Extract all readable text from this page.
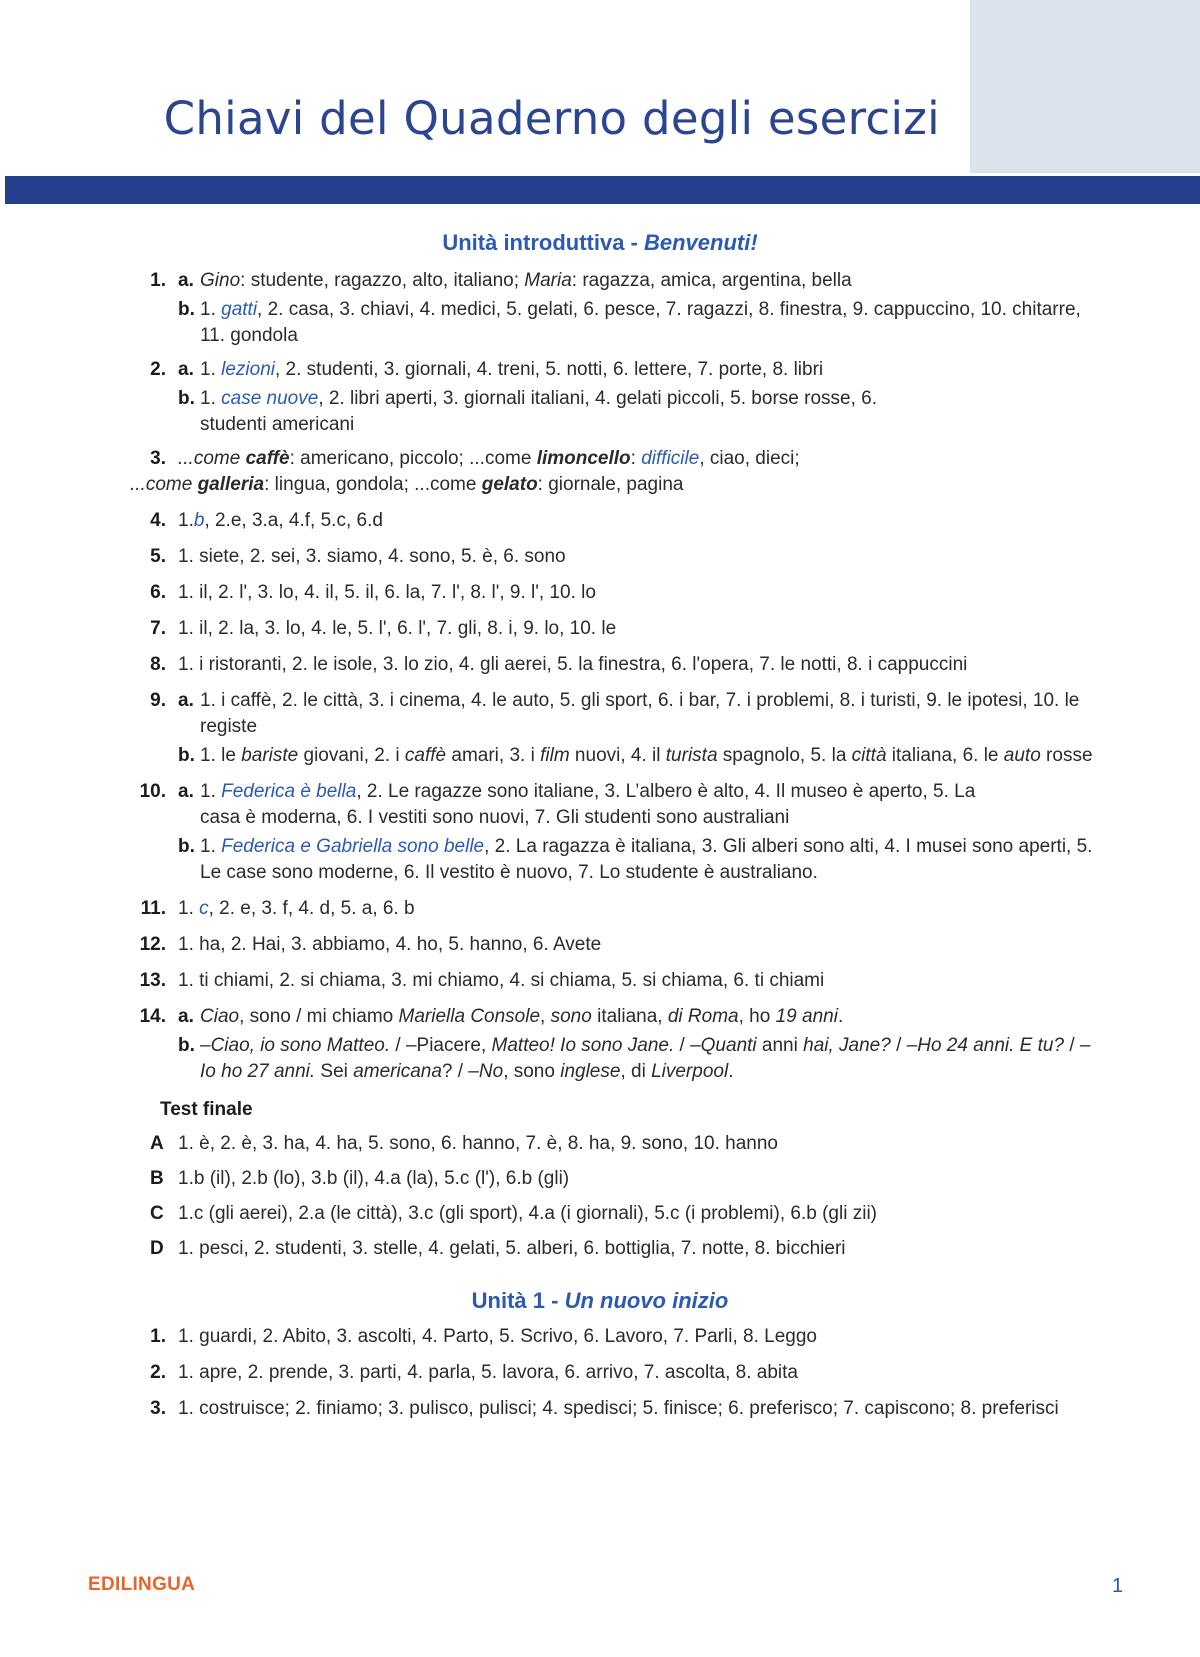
Chiavi del Quaderno degli esercizi
Unità introduttiva - Benvenuti!
1. a. Gino: studente, ragazzo, alto, italiano; Maria: ragazza, amica, argentina, bella
b. 1. gatti, 2. casa, 3. chiavi, 4. medici, 5. gelati, 6. pesce, 7. ragazzi, 8. finestra, 9. cappuccino, 10. chitarre, 11. gondola
2. a. 1. lezioni, 2. studenti, 3. giornali, 4. treni, 5. notti, 6. lettere, 7. porte, 8. libri
b. 1. case nuove, 2. libri aperti, 3. giornali italiani, 4. gelati piccoli, 5. borse rosse, 6. studenti americani
3. ...come caffè: americano, piccolo; ...come limoncello: difficile, ciao, dieci;
...come galleria: lingua, gondola; ...come gelato: giornale, pagina
4. 1.b, 2.e, 3.a, 4.f, 5.c, 6.d
5. 1. siete, 2. sei, 3. siamo, 4. sono, 5. è, 6. sono
6. 1. il, 2. l', 3. lo, 4. il, 5. il, 6. la, 7. l', 8. l', 9. l', 10. lo
7. 1. il, 2. la, 3. lo, 4. le, 5. l', 6. l', 7. gli, 8. i, 9. lo, 10. le
8. 1. i ristoranti, 2. le isole, 3. lo zio, 4. gli aerei, 5. la finestra, 6. l'opera, 7. le notti, 8. i cappuccini
9. a. 1. i caffè, 2. le città, 3. i cinema, 4. le auto, 5. gli sport, 6. i bar, 7. i problemi, 8. i turisti, 9. le ipotesi, 10. le registe
b. 1. le bariste giovani, 2. i caffè amari, 3. i film nuovi, 4. il turista spagnolo, 5. la città italiana, 6. le auto rosse
10. a. 1. Federica è bella, 2. Le ragazze sono italiane, 3. L’albero è alto, 4. Il museo è aperto, 5. La casa è moderna, 6. I vestiti sono nuovi, 7. Gli studenti sono australiani
b. 1. Federica e Gabriella sono belle, 2. La ragazza è italiana, 3. Gli alberi sono alti, 4. I musei sono aperti, 5. Le case sono moderne, 6. Il vestito è nuovo, 7. Lo studente è australiano.
11. 1. c, 2. e, 3. f, 4. d, 5. a, 6. b
12. 1. ha, 2. Hai, 3. abbiamo, 4. ho, 5. hanno, 6. Avete
13. 1. ti chiami, 2. si chiama, 3. mi chiamo, 4. si chiama, 5. si chiama, 6. ti chiami
14. a. Ciao, sono / mi chiamo Mariella Console, sono italiana, di Roma, ho 19 anni.
b. –Ciao, io sono Matteo. / –Piacere, Matteo! Io sono Jane. / –Quanti anni hai, Jane? / –Ho 24 anni. E tu? / –Io ho 27 anni. Sei americana? / –No, sono inglese, di Liverpool.
Test finale
A 1. è, 2. è, 3. ha, 4. ha, 5. sono, 6. hanno, 7. è, 8. ha, 9. sono, 10. hanno
B 1.b (il), 2.b (lo), 3.b (il), 4.a (la), 5.c (l'), 6.b (gli)
C 1.c (gli aerei), 2.a (le città), 3.c (gli sport), 4.a (i giornali), 5.c (i problemi), 6.b (gli zii)
D 1. pesci, 2. studenti, 3. stelle, 4. gelati, 5. alberi, 6. bottiglia, 7. notte, 8. bicchieri
Unità 1 - Un nuovo inizio
1. 1. guardi, 2. Abito, 3. ascolti, 4. Parto, 5. Scrivo, 6. Lavoro, 7. Parli, 8. Leggo
2. 1. apre, 2. prende, 3. parti, 4. parla, 5. lavora, 6. arrivo, 7. ascolta, 8. abita
3. 1. costruisce; 2. finiamo; 3. pulisco, pulisci; 4. spedisci; 5. finisce; 6. preferisco; 7. capiscono; 8. preferisci
EDILINGUA	1
